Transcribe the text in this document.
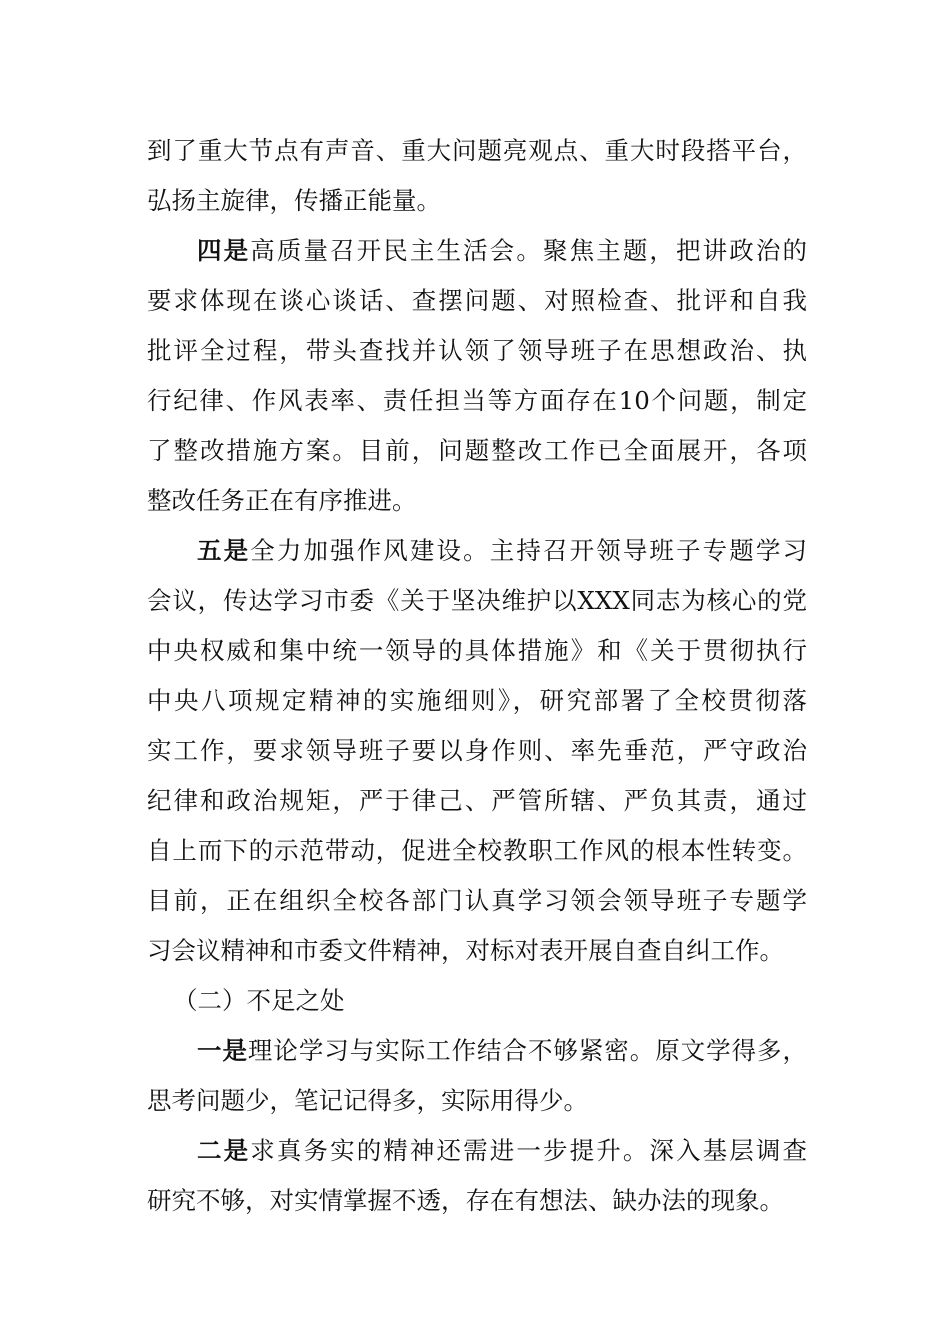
到了重大节点有声音、重大问题亮观点、重大时段搭平台，
弘扬主旋律，传播正能量。
四是高质量召开民主生活会。聚焦主题，把讲政治的
要求体现在谈心谈话、查摆问题、对照检查、批评和自我
批评全过程，带头查找并认领了领导班子在思想政治、执
行纪律、作风表率、责任担当等方面存在10个问题，制定
了整改措施方案。目前，问题整改工作已全面展开，各项
整改任务正在有序推进。
五是全力加强作风建设。主持召开领导班子专题学习
会议，传达学习市委《关于坚决维护以XXX同志为核心的党
中央权威和集中统一领导的具体措施》和《关于贯彻执行
中央八项规定精神的实施细则》，研究部署了全校贯彻落
实工作，要求领导班子要以身作则、率先垂范，严守政治
纪律和政治规矩，严于律己、严管所辖、严负其责，通过
自上而下的示范带动，促进全校教职工作风的根本性转变。
目前，正在组织全校各部门认真学习领会领导班子专题学
习会议精神和市委文件精神，对标对表开展自查自纠工作。
（二）不足之处
一是理论学习与实际工作结合不够紧密。原文学得多，
思考问题少，笔记记得多，实际用得少。
二是求真务实的精神还需进一步提升。深入基层调查
研究不够，对实情掌握不透，存在有想法、缺办法的现象。
